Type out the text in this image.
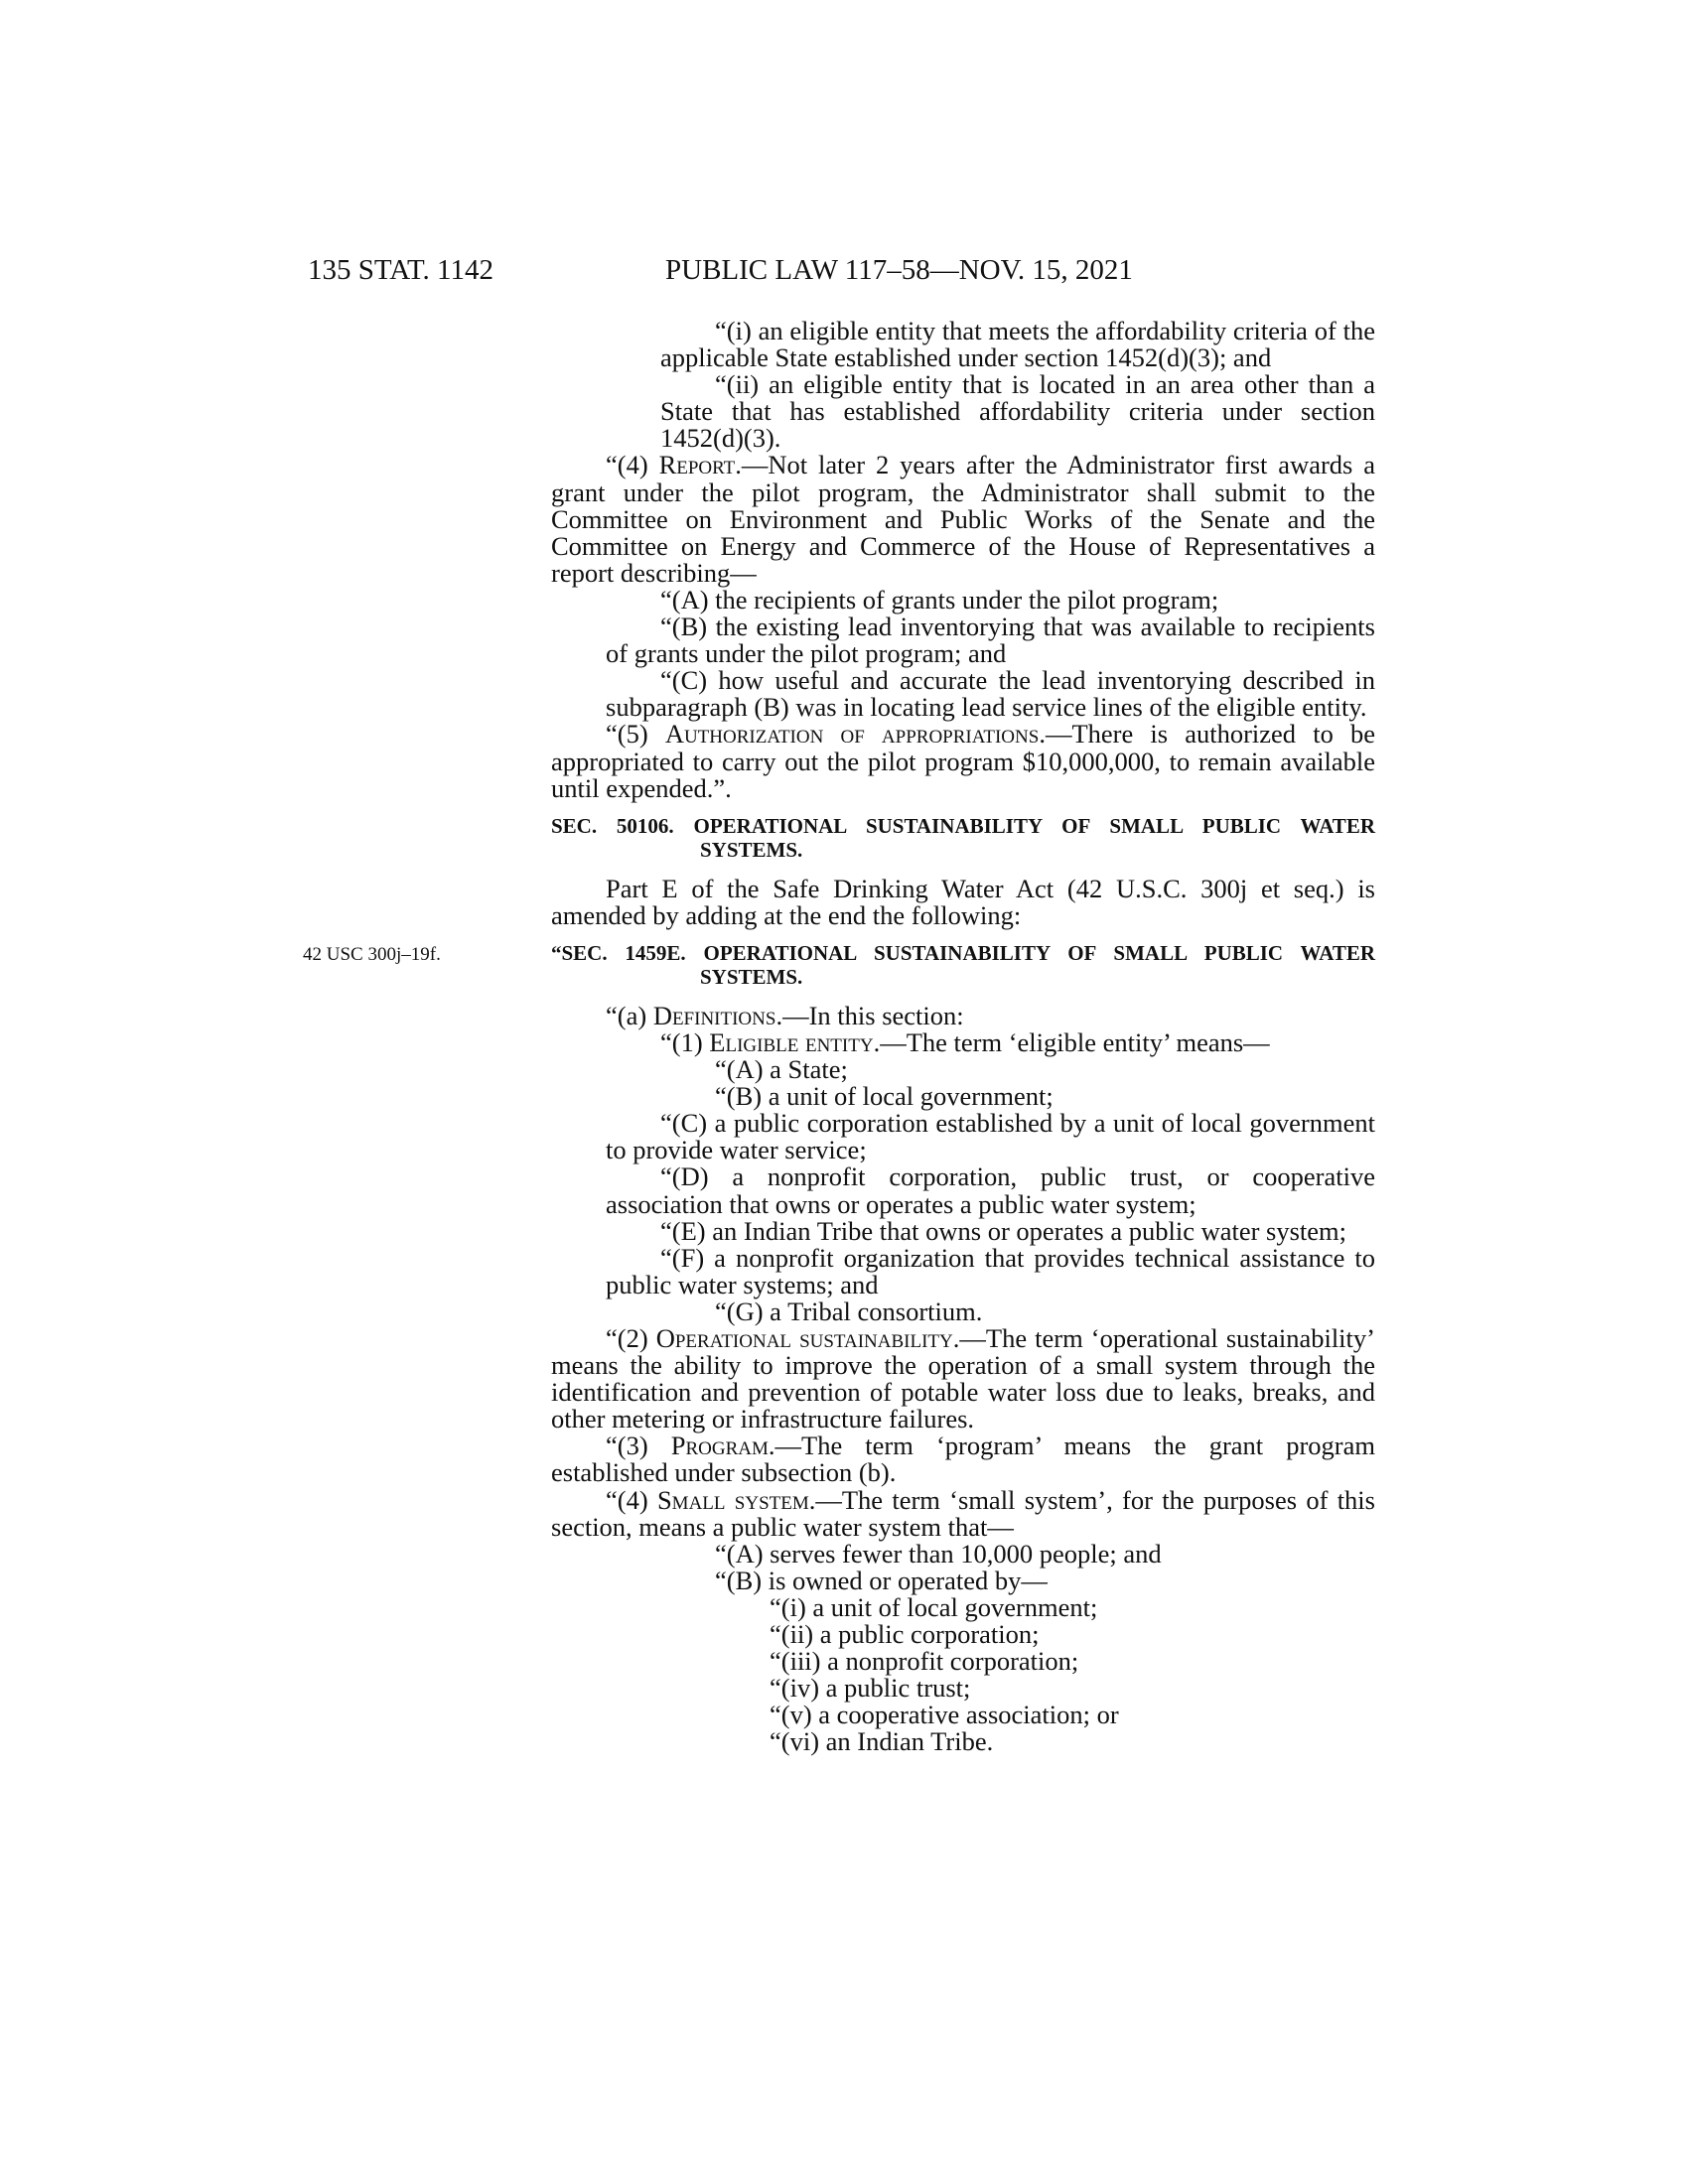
135 STAT. 1142	PUBLIC LAW 117–58—NOV. 15, 2021

“(i) an eligible entity that meets the affordability criteria of the applicable State established under section 1452(d)(3); and

“(ii) an eligible entity that is located in an area other than a State that has established affordability criteria under section 1452(d)(3).

“(4) Report.—Not later 2 years after the Administrator first awards a grant under the pilot program, the Administrator shall submit to the Committee on Environment and Public Works of the Senate and the Committee on Energy and Commerce of the House of Representatives a report describing—

“(A) the recipients of grants under the pilot program;

“(B) the existing lead inventorying that was available to recipients of grants under the pilot program; and

“(C) how useful and accurate the lead inventorying described in subparagraph (B) was in locating lead service lines of the eligible entity.

“(5) Authorization of appropriations.—There is authorized to be appropriated to carry out the pilot program $10,000,000, to remain available until expended.”.

SEC. 50106. OPERATIONAL SUSTAINABILITY OF SMALL PUBLIC WATER SYSTEMS.

Part E of the Safe Drinking Water Act (42 U.S.C. 300j et seq.) is amended by adding at the end the following:

42 USC 300j–19f.	“SEC. 1459E. OPERATIONAL SUSTAINABILITY OF SMALL PUBLIC WATER SYSTEMS.

“(a) Definitions.—In this section:

“(1) Eligible entity.—The term ‘eligible entity’ means—

“(A) a State;

“(B) a unit of local government;

“(C) a public corporation established by a unit of local government to provide water service;

“(D) a nonprofit corporation, public trust, or cooperative association that owns or operates a public water system;

“(E) an Indian Tribe that owns or operates a public water system;

“(F) a nonprofit organization that provides technical assistance to public water systems; and

“(G) a Tribal consortium.

“(2) Operational sustainability.—The term ‘operational sustainability’ means the ability to improve the operation of a small system through the identification and prevention of potable water loss due to leaks, breaks, and other metering or infrastructure failures.

“(3) Program.—The term ‘program’ means the grant program established under subsection (b).

“(4) Small system.—The term ‘small system’, for the purposes of this section, means a public water system that—

“(A) serves fewer than 10,000 people; and

“(B) is owned or operated by—

“(i) a unit of local government;

“(ii) a public corporation;

“(iii) a nonprofit corporation;

“(iv) a public trust;

“(v) a cooperative association; or

“(vi) an Indian Tribe.
